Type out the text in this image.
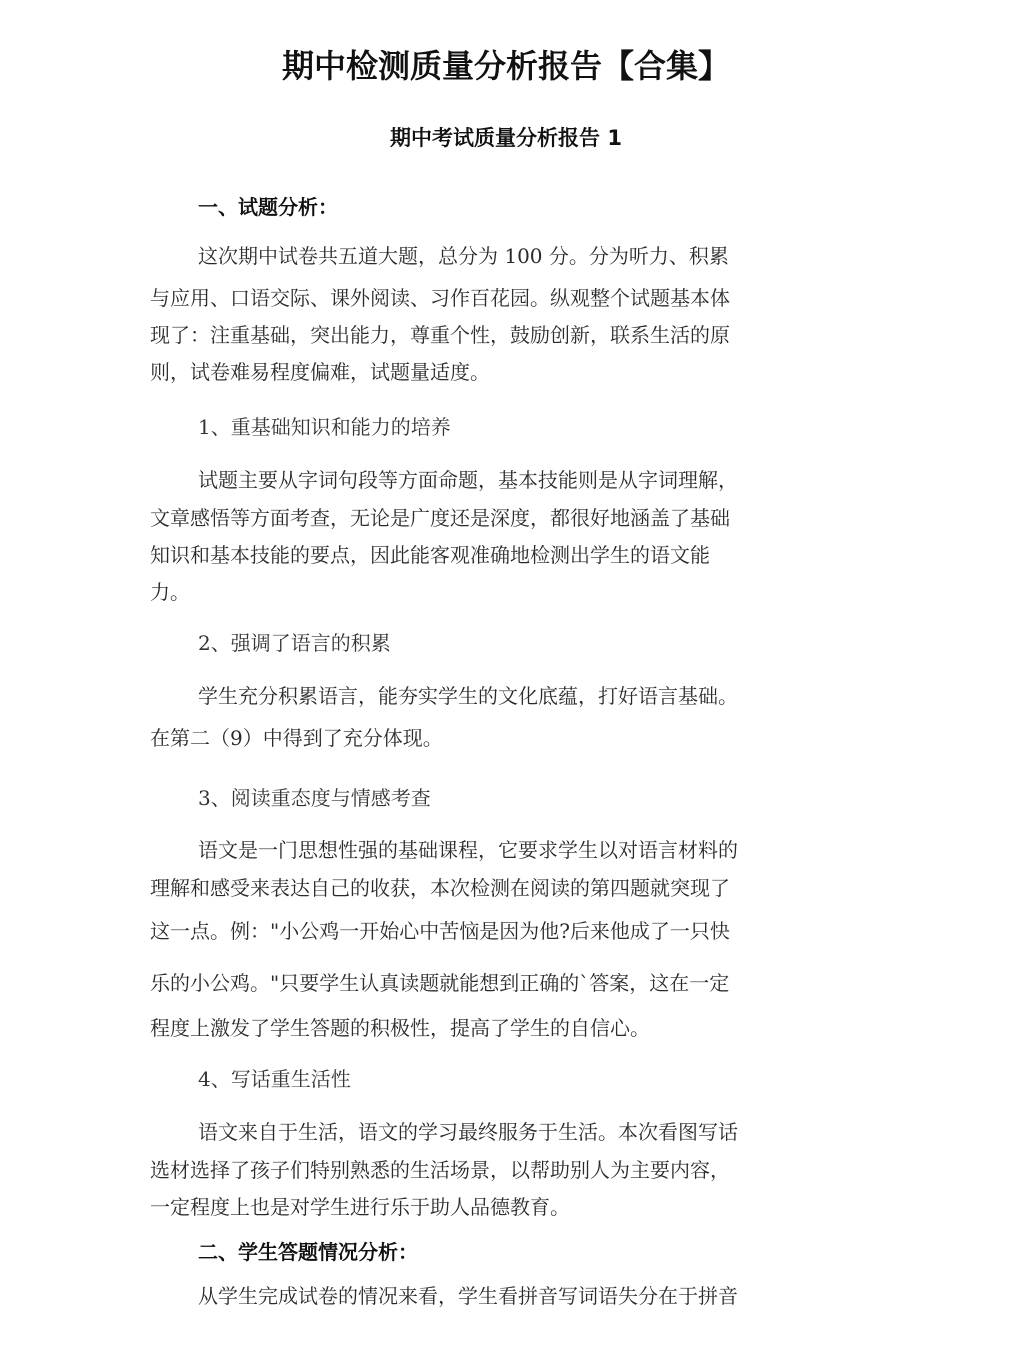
期中检测质量分析报告【合集】
期中考试质量分析报告 1
一、试题分析：
这次期中试卷共五道大题，总分为 100 分。分为听力、积累
与应用、口语交际、课外阅读、习作百花园。纵观整个试题基本体
现了：注重基础，突出能力，尊重个性，鼓励创新，联系生活的原
则，试卷难易程度偏难，试题量适度。
1、重基础知识和能力的培养
试题主要从字词句段等方面命题，基本技能则是从字词理解，
文章感悟等方面考查，无论是广度还是深度，都很好地涵盖了基础
知识和基本技能的要点，因此能客观准确地检测出学生的语文能
力。
2、强调了语言的积累
学生充分积累语言，能夯实学生的文化底蕴，打好语言基础。
在第二（9）中得到了充分体现。
3、阅读重态度与情感考查
语文是一门思想性强的基础课程，它要求学生以对语言材料的
理解和感受来表达自己的收获，本次检测在阅读的第四题就突现了
这一点。例："小公鸡一开始心中苦恼是因为他?后来他成了一只快
乐的小公鸡。"只要学生认真读题就能想到正确的`答案，这在一定
程度上激发了学生答题的积极性，提高了学生的自信心。
4、写话重生活性
语文来自于生活，语文的学习最终服务于生活。本次看图写话
选材选择了孩子们特别熟悉的生活场景，以帮助别人为主要内容，
一定程度上也是对学生进行乐于助人品德教育。
二、学生答题情况分析：
从学生完成试卷的情况来看，学生看拼音写词语失分在于拼音
